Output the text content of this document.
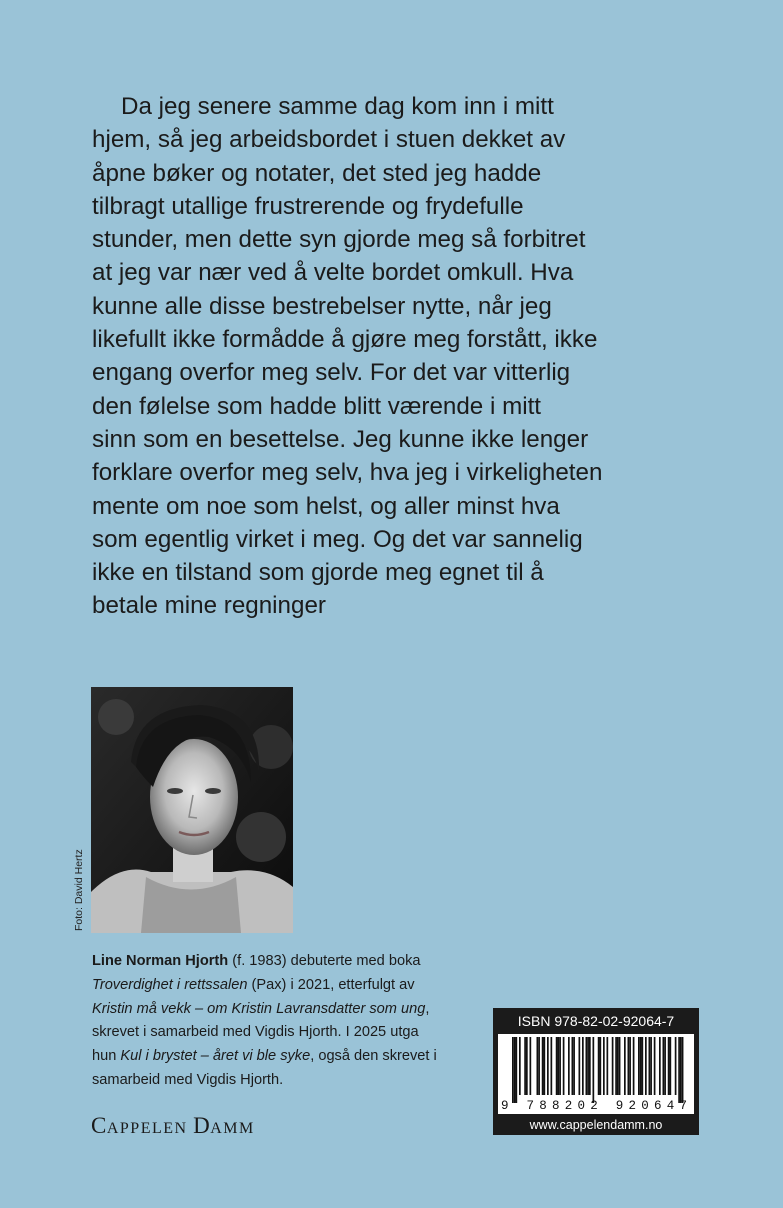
Da jeg senere samme dag kom inn i mitt
hjem, så jeg arbeidsbordet i stuen dekket av
åpne bøker og notater, det sted jeg hadde
tilbragt utallige frustrerende og frydefulle
stunder, men dette syn gjorde meg så forbitret
at jeg var nær ved å velte bordet omkull. Hva
kunne alle disse bestrebelser nytte, når jeg
likefullt ikke formådde å gjøre meg forstått, ikke
engang overfor meg selv. For det var vitterlig
den følelse som hadde blitt værende i mitt
sinn som en besettelse. Jeg kunne ikke lenger
forklare overfor meg selv, hva jeg i virkeligheten
mente om noe som helst, og aller minst hva
som egentlig virket i meg. Og det var sannelig
ikke en tilstand som gjorde meg egnet til å
betale mine regninger
Foto: David Hertz
Line Norman Hjorth (f. 1983) debuterte med boka
Troverdighet i rettssalen (Pax) i 2021, etterfulgt av
Kristin må vekk – om Kristin Lavransdatter som ung,
skrevet i samarbeid med Vigdis Hjorth. I 2025 utga
hun Kul i brystet – året vi ble syke, også den skrevet i
samarbeid med Vigdis Hjorth.
CAPPELEN DAMM
ISBN 978-82-02-92064-7
9 788202 920647
www.cappelendamm.no
